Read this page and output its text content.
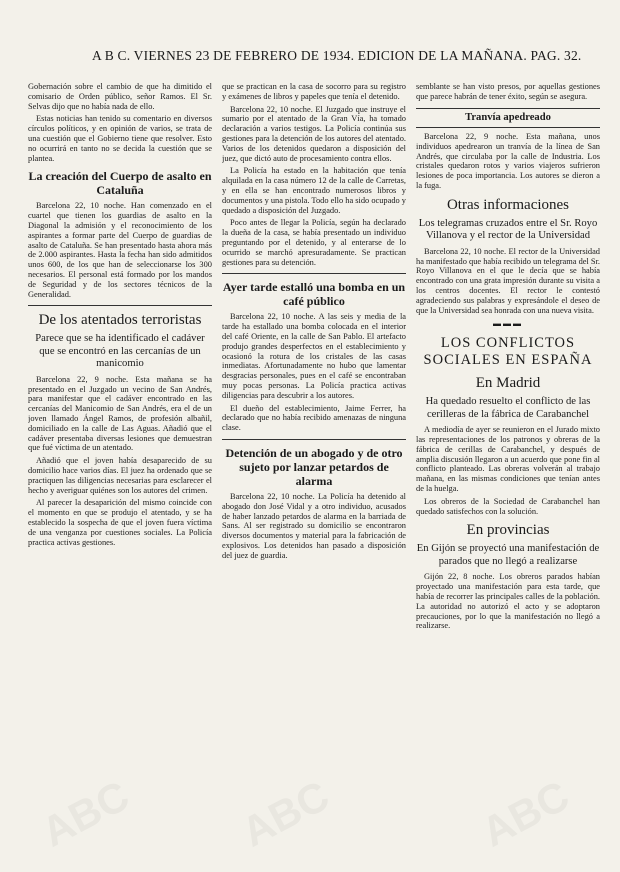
A B C. VIERNES 23 DE FEBRERO DE 1934. EDICION DE LA MAÑANA. PAG. 32.
ABC ABC	ABC

Gobernación sobre el cambio de que ha dimitido el comisario de Orden público, señor Ramos. El Sr. Selvas dijo que no había nada de ello.

Estas noticias han tenido su comentario en diversos círculos políticos, y en opinión de varios, se trata de una cuestión que el Gobierno tiene que resolver. Esto no ocurrirá en tanto no se decida la cuestión que se plantea.

La creación del Cuerpo de asalto en Cataluña

Barcelona 22, 10 noche. Han comenzado en el cuartel que tienen los guardias de asalto en la Diagonal la admisión y el reconocimiento de los aspirantes a formar parte del Cuerpo de guardias de asalto de Cataluña. Se han presentado hasta ahora más de 2.000 aspirantes. Hasta la fecha han sido admitidos unos 600, de los que han de seleccionarse los 300 necesarios. El personal está formado por los mandos de Seguridad y de los sectores técnicos de la Generalidad.

De los atentados terroristas
Parece que se ha identificado el cadáver que se encontró en las cercanías de un manicomio

Barcelona 22, 9 noche. Esta mañana se ha presentado en el Juzgado un vecino de San Andrés, para manifestar que el cadáver encontrado en las cercanías del Manicomio de San Andrés, era el de un joven llamado Ángel Ramos, de profesión albañil, domiciliado en la calle de Las Aguas. Añadió que el cadáver presentaba diversas lesiones que demuestran que fué víctima de un atentado.

Añadió que el joven había desaparecido de su domicilio hace varios días. El juez ha ordenado que se practiquen las diligencias necesarias para esclarecer el hecho y averiguar quiénes son los autores del crimen.

Al parecer la desaparición del mismo coincide con el momento en que se produjo el atentado, y se ha establecido la sospecha de que el joven fuera víctima de una venganza por cuestiones sociales. La Policía practica activas gestiones.

que se practican en la casa de socorro para su registro y exámenes de libros y papeles que tenía el detenido.

Barcelona 22, 10 noche. El Juzgado que instruye el sumario por el atentado de la Gran Vía, ha tomado declaración a varios testigos. La Policía continúa sus gestiones para la detención de los autores del atentado. Varios de los detenidos quedaron a disposición del juez, que dictó auto de procesamiento contra ellos.

La Policía ha estado en la habitación que tenía alquilada en la casa número 12 de la calle de Carretas, y en ella se han encontrado numerosos libros y documentos y una pistola. Todo ello ha sido ocupado y quedado a disposición del Juzgado.

Poco antes de llegar la Policía, según ha declarado la dueña de la casa, se había presentado un individuo preguntando por el detenido, y al enterarse de lo ocurrido se marchó apresuradamente. Se practican gestiones para su detención.

Ayer tarde estalló una bomba en un café público

Barcelona 22, 10 noche. A las seis y media de la tarde ha estallado una bomba colocada en el interior del café Oriente, en la calle de San Pablo. El artefacto produjo grandes desperfectos en el establecimiento y ocasionó la rotura de los cristales de las casas inmediatas. Afortunadamente no hubo que lamentar desgracias personales, pues en el café se encontraban muy pocas personas. La Policía practica activas diligencias para descubrir a los autores.

El dueño del establecimiento, Jaime Ferrer, ha declarado que no había recibido amenazas de ninguna clase.

Detención de un abogado y de otro sujeto por lanzar petardos de alarma

Barcelona 22, 10 noche. La Policía ha detenido al abogado don José Vidal y a otro individuo, acusados de haber lanzado petardos de alarma en la barriada de Sans. Al ser registrado su domicilio se encontraron diversos documentos y material para la fabricación de explosivos. Los detenidos han pasado a disposición del juez de guardia.

semblante se han visto presos, por aquellas gestiones que parece habrán de tener éxito, según se asegura.

Tranvía apedreado

Barcelona 22, 9 noche. Esta mañana, unos individuos apedrearon un tranvía de la línea de San Andrés, que circulaba por la calle de Industria. Los cristales quedaron rotos y varios viajeros sufrieron lesiones de poca importancia. Los autores se dieron a la fuga.

Otras informaciones
Los telegramas cruzados entre el Sr. Royo Villanova y el rector de la Universidad

Barcelona 22, 10 noche. El rector de la Universidad ha manifestado que había recibido un telegrama del Sr. Royo Villanova en el que le decía que se había encontrado con una grata impresión durante su visita a los centros docentes. El rector le contestó agradeciendo sus palabras y expresándole el deseo de que la Universidad sea honrada con una nueva visita.

▬▬▬
LOS CONFLICTOS SOCIALES EN ESPAÑA
En Madrid
Ha quedado resuelto el conflicto de las cerilleras de la fábrica de Carabanchel

A mediodía de ayer se reunieron en el Jurado mixto las representaciones de los patronos y obreras de la fábrica de cerillas de Carabanchel, y después de amplia discusión llegaron a un acuerdo que pone fin al conflicto planteado. Las obreras volverán al trabajo mañana, en las mismas condiciones que tenían antes de la huelga.

Los obreros de la Sociedad de Carabanchel han quedado satisfechos con la solución.

En provincias
En Gijón se proyectó una manifestación de parados que no llegó a realizarse

Gijón 22, 8 noche. Los obreros parados habían proyectado una manifestación para esta tarde, que había de recorrer las principales calles de la población. La autoridad no autorizó el acto y se adoptaron precauciones, por lo que la manifestación no llegó a realizarse.
